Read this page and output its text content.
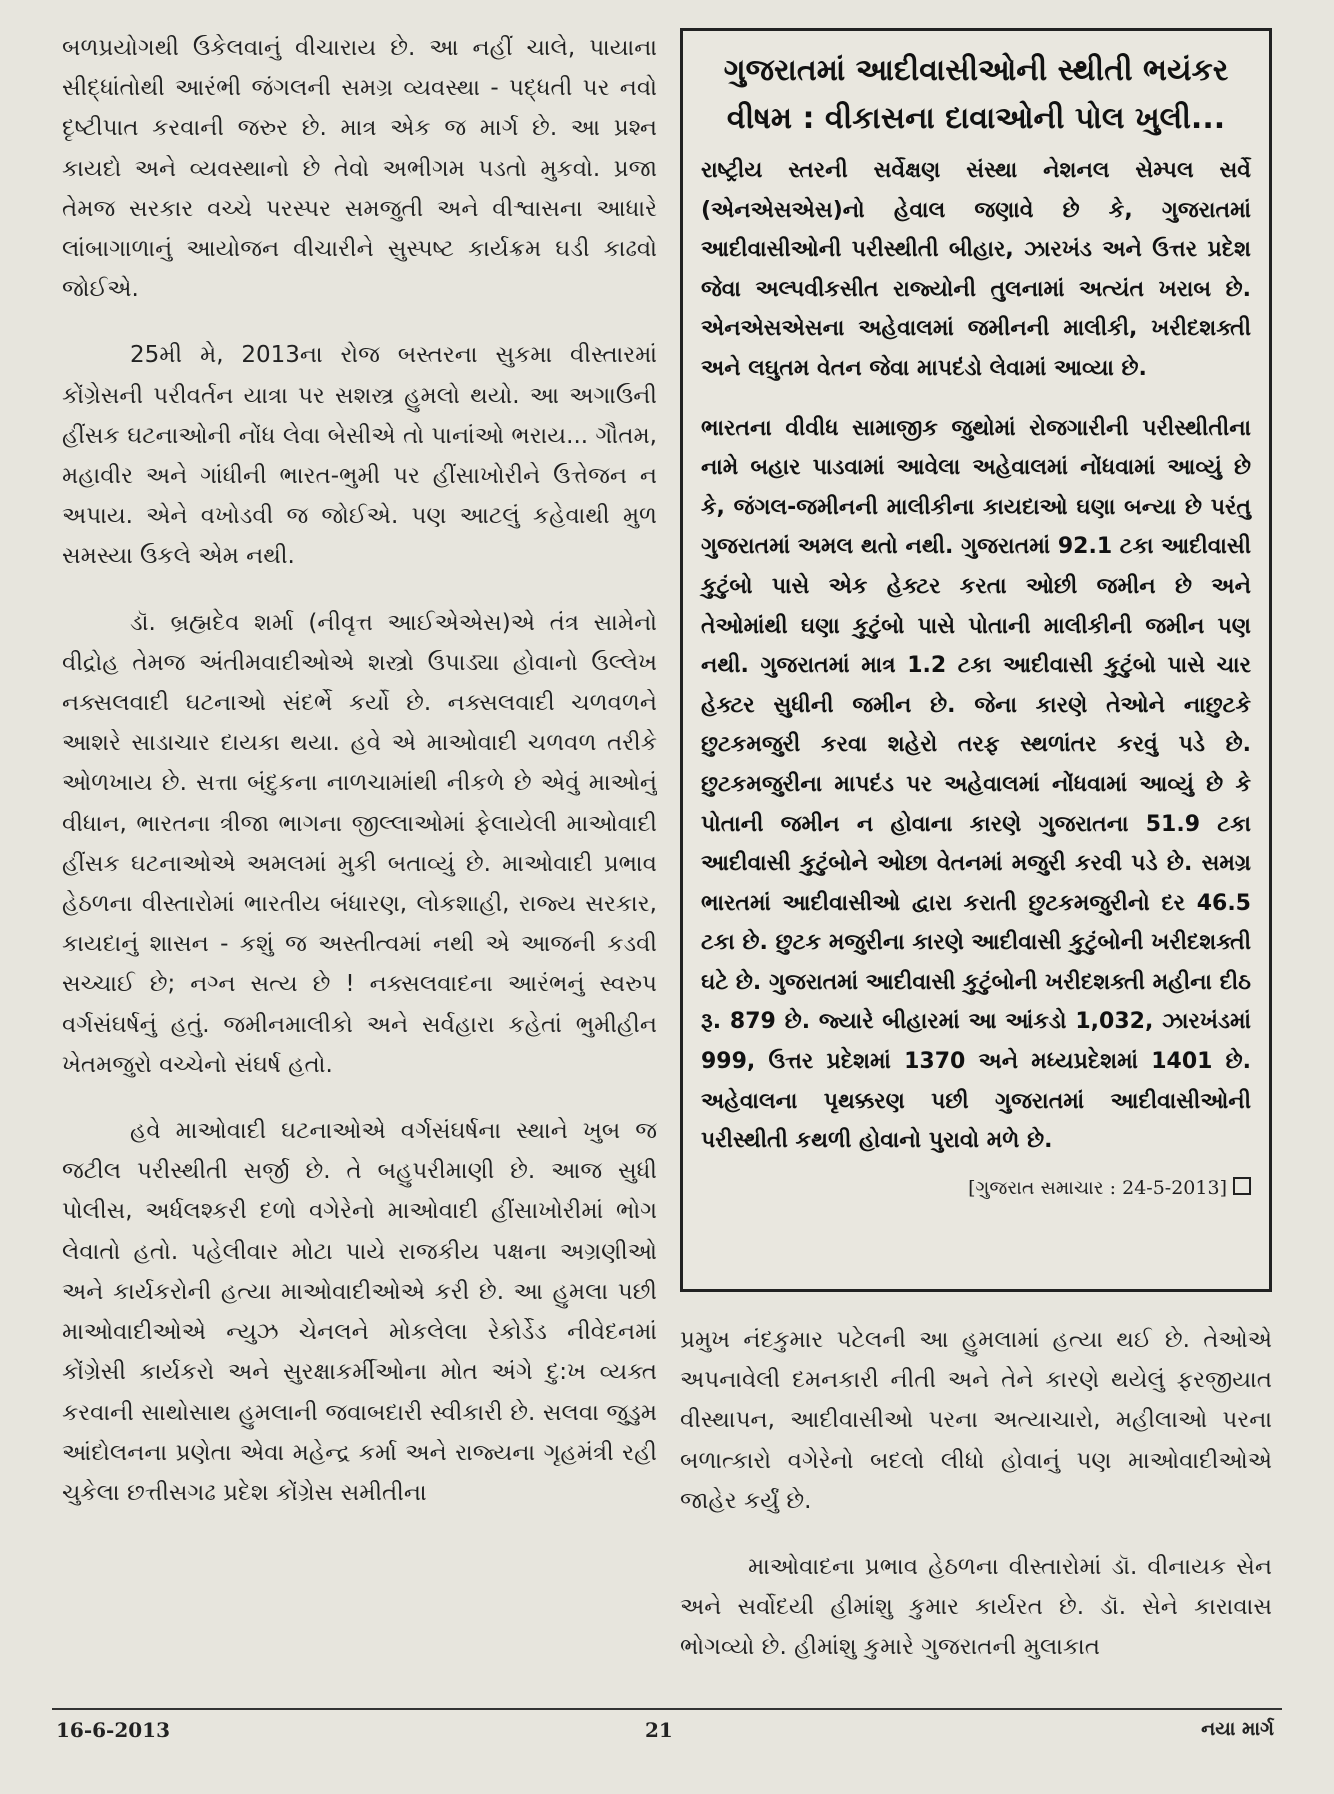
બળપ્રયોગથી ઉકેલવાનું વીચારાય છે. આ નહીં ચાલે, પાયાના સીદ્ધાંતોથી આરંભી જંગલની સમગ્ર વ્યવસ્થા - પદ્ધતી પર નવો દૃષ્ટીપાત કરવાની જરુર છે. માત્ર એક જ માર્ગ છે. આ પ્રશ્ન કાયદો અને વ્યવસ્થાનો છે તેવો અભીગમ પડતો મુકવો. પ્રજા તેમજ સરકાર વચ્ચે પરસ્પર સમજુતી અને વીશ્વાસના આધારે લાંબાગાળાનું આયોજન વીચારીને સુસ્પષ્ટ કાર્યક્રમ ઘડી કાઢવો જોઈએ.

25મી મે, 2013ના રોજ બસ્તરના સુકમા વીસ્તારમાં કોંગ્રેસની પરીવર્તન યાત્રા પર સશસ્ત્ર હુમલો થયો. આ અગાઉની હીંસક ઘટનાઓની નોંધ લેવા બેસીએ તો પાનાંઓ ભરાય... ગૌતમ, મહાવીર અને ગાંધીની ભારત-ભુમી પર હીંસાખોરીને ઉત્તેજન ન અપાય. એને વખોડવી જ જોઈએ. પણ આટલું કહેવાથી મુળ સમસ્યા ઉકલે એમ નથી.

ડૉ. બ્રહ્મદેવ શર્મા (નીવૃત્ત આઈએએસ)એ તંત્ર સામેનો વીદ્રોહ તેમજ અંતીમવાદીઓએ શસ્ત્રો ઉપાડ્યા હોવાનો ઉલ્લેખ નક્સલવાદી ઘટનાઓ સંદર્ભે કર્યો છે. નક્સલવાદી ચળવળને આશરે સાડાચાર દાયકા થયા. હવે એ માઓવાદી ચળવળ તરીકે ઓળખાય છે. સત્તા બંદુકના નાળચામાંથી નીકળે છે એવું માઓનું વીધાન, ભારતના ત્રીજા ભાગના જીલ્લાઓમાં ફેલાયેલી માઓવાદી હીંસક ઘટનાઓએ અમલમાં મુકી બતાવ્યું છે. માઓવાદી પ્રભાવ હેઠળના વીસ્તારોમાં ભારતીય બંધારણ, લોકશાહી, રાજ્ય સરકાર, કાયદાનું શાસન - કશું જ અસ્તીત્વમાં નથી એ આજની કડવી સચ્ચાઈ છે; નગ્ન સત્ય છે ! નક્સલવાદના આરંભનું સ્વરુપ વર્ગસંઘર્ષનું હતું. જમીનમાલીકો અને સર્વહારા કહેતાં ભુમીહીન ખેતમજુરો વચ્ચેનો સંઘર્ષ હતો.

હવે માઓવાદી ઘટનાઓએ વર્ગસંઘર્ષના સ્થાને ખુબ જ જટીલ પરીસ્થીતી સર્જી છે. તે બહુપરીમાણી છે. આજ સુધી પોલીસ, અર્ધલશ્કરી દળો વગેરેનો માઓવાદી હીંસાખોરીમાં ભોગ લેવાતો હતો. પહેલીવાર મોટા પાયે રાજકીય પક્ષના અગ્રણીઓ અને કાર્યકરોની હત્યા માઓવાદીઓએ કરી છે. આ હુમલા પછી માઓવાદીઓએ ન્યુઝ ચેનલને મોકલેલા રેકોર્ડેડ નીવેદનમાં કોંગ્રેસી કાર્યકરો અને સુરક્ષાકર્મીઓના મોત અંગે દુ:ખ વ્યક્ત કરવાની સાથોસાથ હુમલાની જવાબદારી સ્વીકારી છે. સલવા જુડુમ આંદોલનના પ્રણેતા એવા મહેન્દ્ર કર્મા અને રાજ્યના ગૃહમંત્રી રહી ચુકેલા છત્તીસગઢ પ્રદેશ કોંગ્રેસ સમીતીના

ગુજરાતમાં આદીવાસીઓની સ્થીતી ભયંકર વીષમ : વીકાસના દાવાઓની પોલ ખુલી...

રાષ્ટ્રીય સ્તરની સર્વેક્ષણ સંસ્થા નેશનલ સેમ્પલ સર્વે (એનએસએસ)નો હેવાલ જણાવે છે કે, ગુજરાતમાં આદીવાસીઓની પરીસ્થીતી બીહાર, ઝારખંડ અને ઉત્તર પ્રદેશ જેવા અલ્પવીકસીત રાજ્યોની તુલનામાં અત્યંત ખરાબ છે. એનએસએસના અહેવાલમાં જમીનની માલીકી, ખરીદશક્તી અને લઘુતમ વેતન જેવા માપદંડો લેવામાં આવ્યા છે.

ભારતના વીવીધ સામાજીક જુથોમાં રોજગારીની પરીસ્થીતીના નામે બહાર પાડવામાં આવેલા અહેવાલમાં નોંધવામાં આવ્યું છે કે, જંગલ-જમીનની માલીકીના કાયદાઓ ઘણા બન્યા છે પરંતુ ગુજરાતમાં અમલ થતો નથી. ગુજરાતમાં 92.1 ટકા આદીવાસી કુટુંબો પાસે એક હેક્ટર કરતા ઓછી જમીન છે અને તેઓમાંથી ઘણા કુટુંબો પાસે પોતાની માલીકીની જમીન પણ નથી. ગુજરાતમાં માત્ર 1.2 ટકા આદીવાસી કુટુંબો પાસે ચાર હેક્ટર સુધીની જમીન છે. જેના કારણે તેઓને નાછુટકે છુટકમજુરી કરવા શહેરો તરફ સ્થળાંતર કરવું પડે છે. છુટકમજુરીના માપદંડ પર અહેવાલમાં નોંધવામાં આવ્યું છે કે પોતાની જમીન ન હોવાના કારણે ગુજરાતના 51.9 ટકા આદીવાસી કુટુંબોને ઓછા વેતનમાં મજુરી કરવી પડે છે. સમગ્ર ભારતમાં આદીવાસીઓ દ્વારા કરાતી છુટકમજુરીનો દર 46.5 ટકા છે. છુટક મજુરીના કારણે આદીવાસી કુટુંબોની ખરીદશક્તી ઘટે છે. ગુજરાતમાં આદીવાસી કુટુંબોની ખરીદશક્તી મહીના દીઠ રૂ. 879 છે. જ્યારે બીહારમાં આ આંકડો 1,032, ઝારખંડમાં 999, ઉત્તર પ્રદેશમાં 1370 અને મધ્યપ્રદેશમાં 1401 છે. અહેવાલના પૃથક્કરણ પછી ગુજરાતમાં આદીવાસીઓની પરીસ્થીતી કથળી હોવાનો પુરાવો મળે છે.

[ગુજરાત સમાચાર : 24-5-2013]

પ્રમુખ નંદકુમાર પટેલની આ હુમલામાં હત્યા થઈ છે. તેઓએ અપનાવેલી દમનકારી નીતી અને તેને કારણે થયેલું ફરજીયાત વીસ્થાપન, આદીવાસીઓ પરના અત્યાચારો, મહીલાઓ પરના બળાત્કારો વગેરેનો બદલો લીધો હોવાનું પણ માઓવાદીઓએ જાહેર કર્યું છે.

માઓવાદના પ્રભાવ હેઠળના વીસ્તારોમાં ડૉ. વીનાયક સેન અને સર્વોદયી હીમાંશુ કુમાર કાર્યરત છે. ડૉ. સેને કારાવાસ ભોગવ્યો છે. હીમાંશુ કુમારે ગુજરાતની મુલાકાત

16-6-2013	21	નયા માર્ગ
